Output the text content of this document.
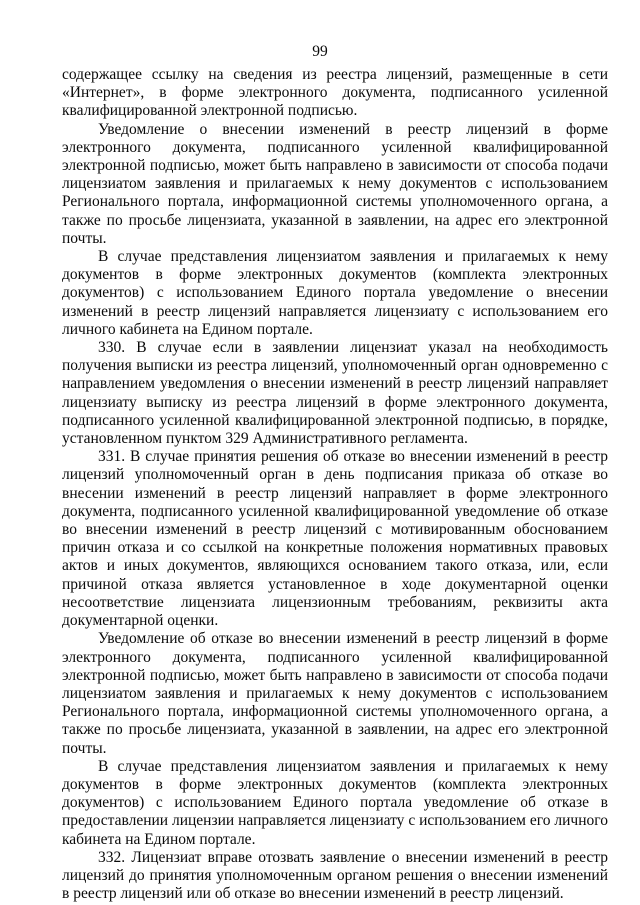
99

содержащее ссылку на сведения из реестра лицензий, размещенные в сети «Интернет», в форме электронного документа, подписанного усиленной квалифицированной электронной подписью.

Уведомление о внесении изменений в реестр лицензий в форме электронного документа, подписанного усиленной квалифицированной электронной подписью, может быть направлено в зависимости от способа подачи лицензиатом заявления и прилагаемых к нему документов с использованием Регионального портала, информационной системы уполномоченного органа, а также по просьбе лицензиата, указанной в заявлении, на адрес его электронной почты.

В случае представления лицензиатом заявления и прилагаемых к нему документов в форме электронных документов (комплекта электронных документов) с использованием Единого портала уведомление о внесении изменений в реестр лицензий направляется лицензиату с использованием его личного кабинета на Едином портале.

330. В случае если в заявлении лицензиат указал на необходимость получения выписки из реестра лицензий, уполномоченный орган одновременно с направлением уведомления о внесении изменений в реестр лицензий направляет лицензиату выписку из реестра лицензий в форме электронного документа, подписанного усиленной квалифицированной электронной подписью, в порядке, установленном пунктом 329 Административного регламента.

331. В случае принятия решения об отказе во внесении изменений в реестр лицензий уполномоченный орган в день подписания приказа об отказе во внесении изменений в реестр лицензий направляет в форме электронного документа, подписанного усиленной квалифицированной уведомление об отказе во внесении изменений в реестр лицензий с мотивированным обоснованием причин отказа и со ссылкой на конкретные положения нормативных правовых актов и иных документов, являющихся основанием такого отказа, или, если причиной отказа является установленное в ходе документарной оценки несоответствие лицензиата лицензионным требованиям, реквизиты акта документарной оценки.

Уведомление об отказе во внесении изменений в реестр лицензий в форме электронного документа, подписанного усиленной квалифицированной электронной подписью, может быть направлено в зависимости от способа подачи лицензиатом заявления и прилагаемых к нему документов с использованием Регионального портала, информационной системы уполномоченного органа, а также по просьбе лицензиата, указанной в заявлении, на адрес его электронной почты.

В случае представления лицензиатом заявления и прилагаемых к нему документов в форме электронных документов (комплекта электронных документов) с использованием Единого портала уведомление об отказе в предоставлении лицензии направляется лицензиату с использованием его личного кабинета на Едином портале.

332. Лицензиат вправе отозвать заявление о внесении изменений в реестр лицензий до принятия уполномоченным органом решения о внесении изменений в реестр лицензий или об отказе во внесении изменений в реестр лицензий.
